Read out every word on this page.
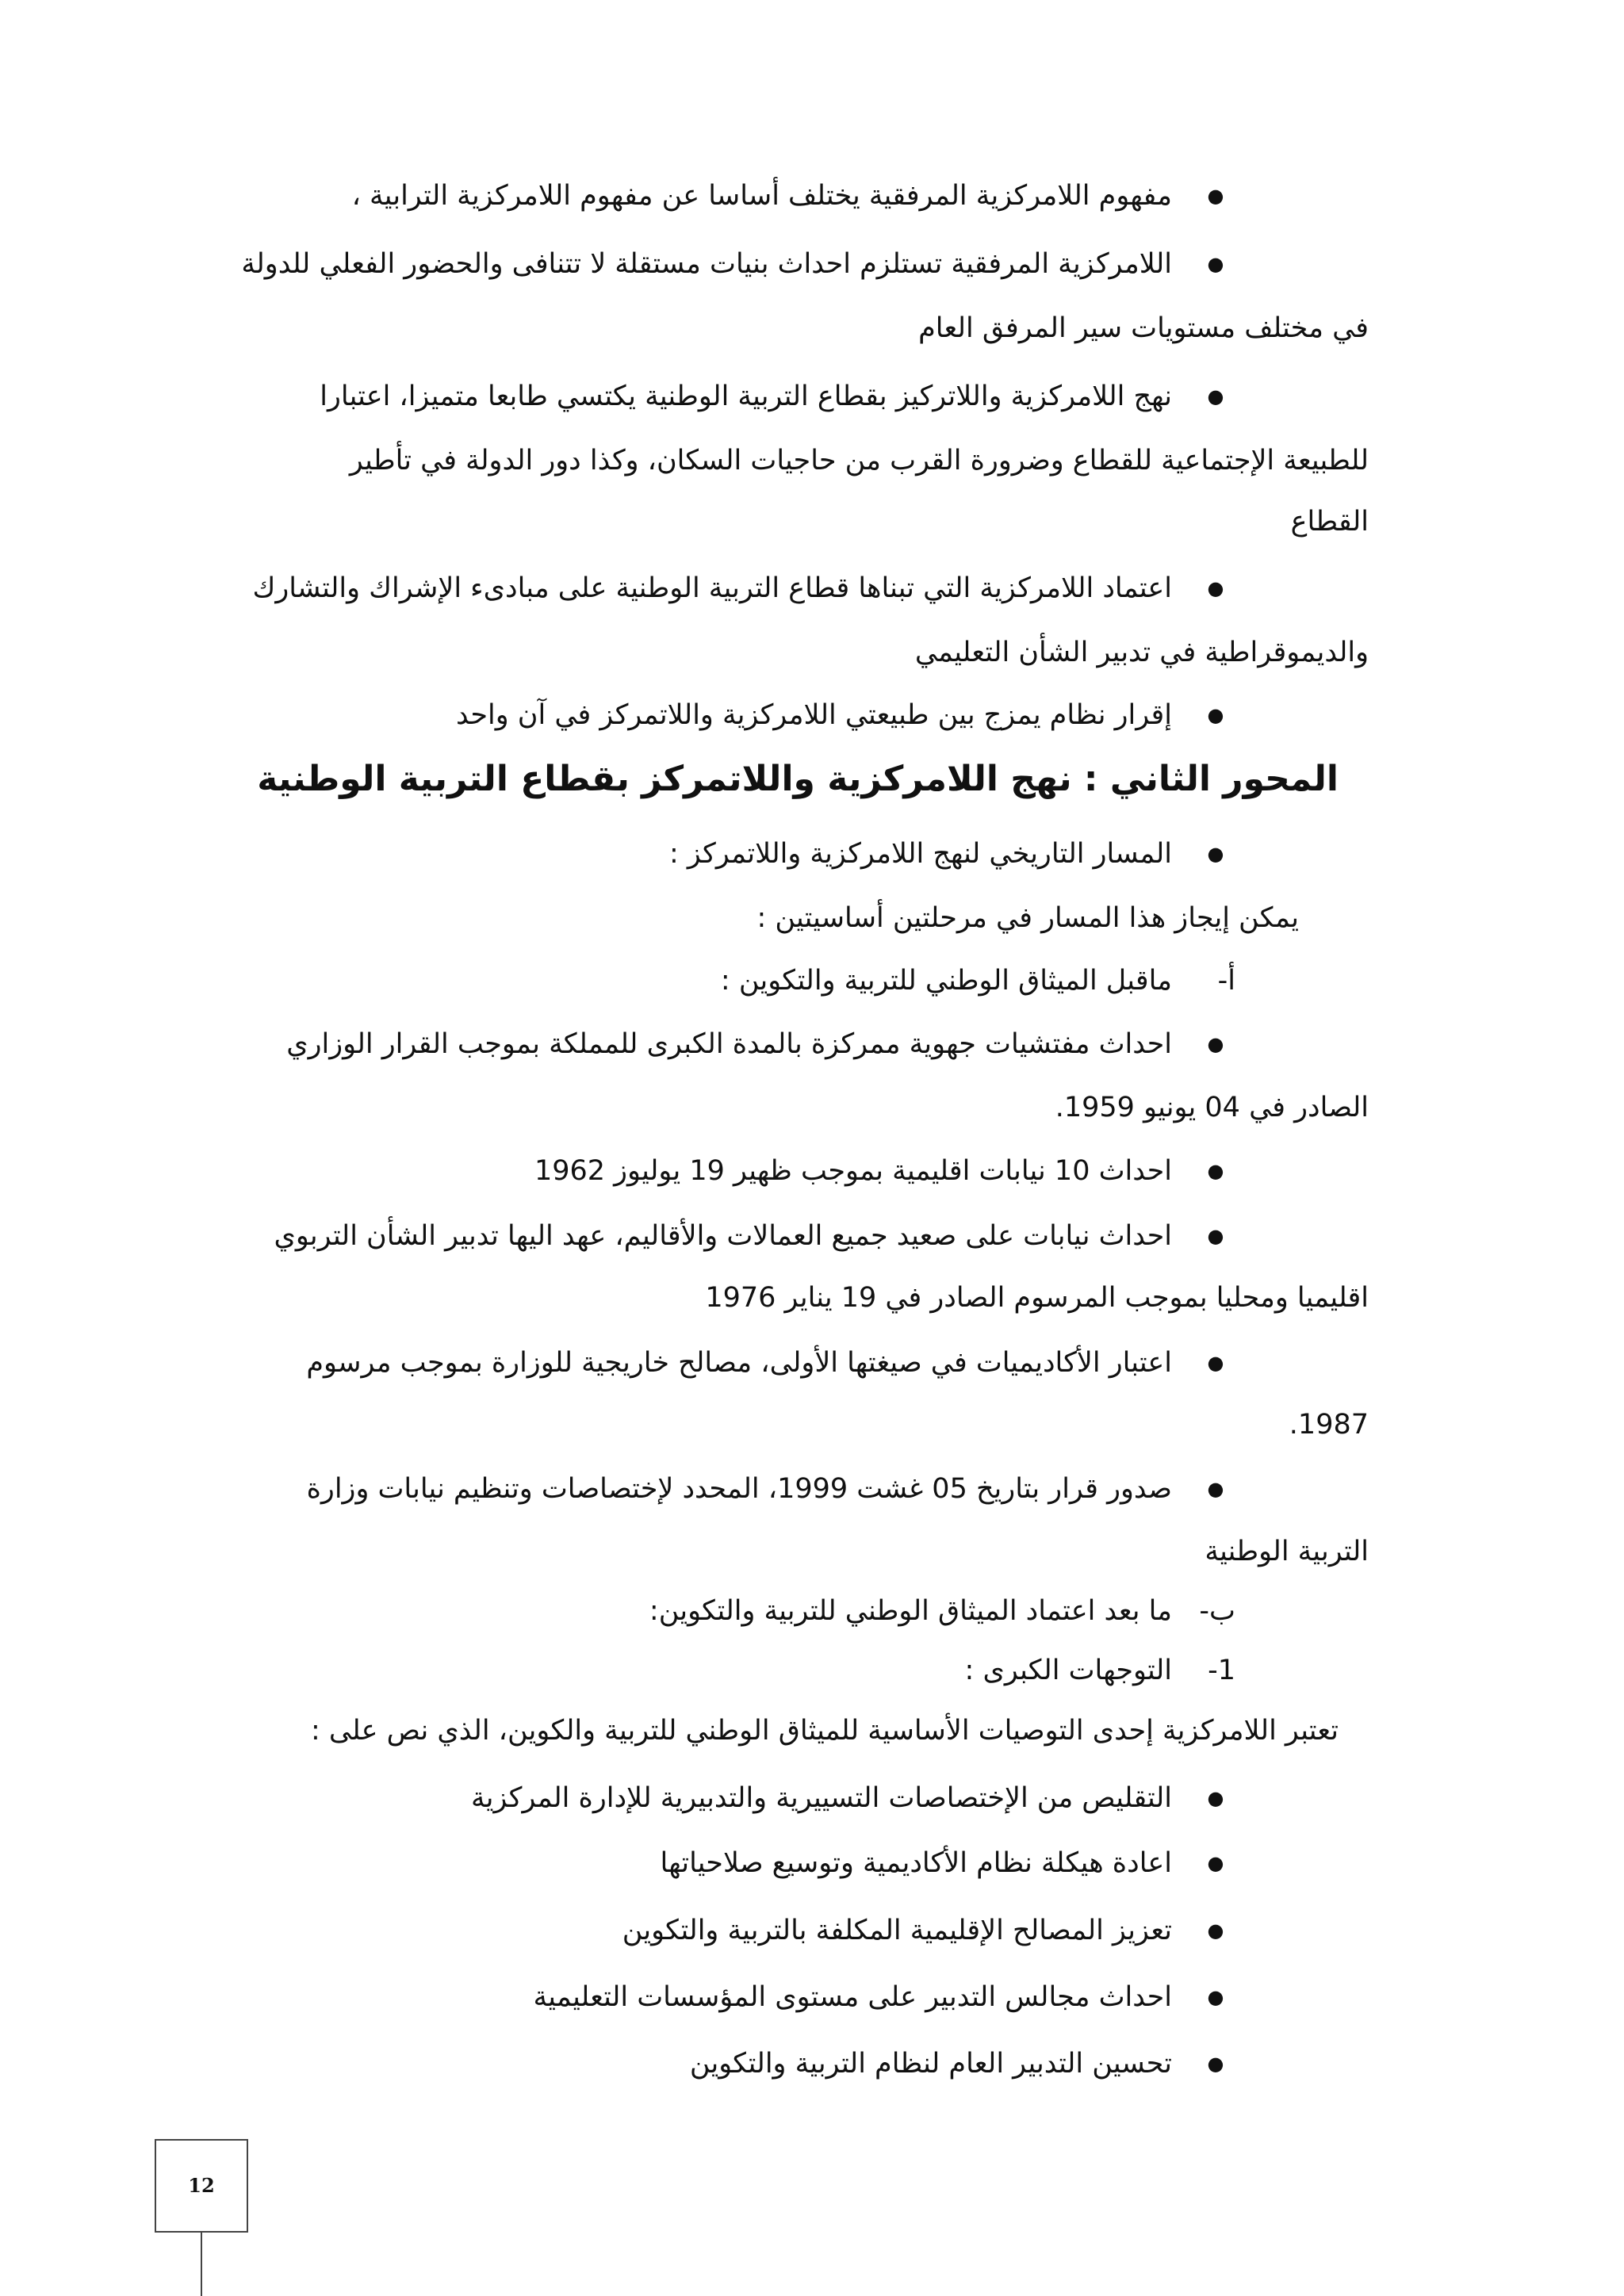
●
مفهوم اللامركزية المرفقية يختلف أساسا عن مفهوم اللامركزية الترابية ،
●
اللامركزية المرفقية تستلزم احداث بنيات مستقلة لا تتنافى والحضور الفعلي للدولة
في مختلف مستويات سير المرفق العام
●
نهج اللامركزية واللاتركيز بقطاع التربية الوطنية يكتسي طابعا متميزا، اعتبارا
للطبيعة الإجتماعية للقطاع وضرورة القرب من حاجيات السكان، وكذا دور الدولة في تأطير
القطاع
●
اعتماد اللامركزية التي تبناها قطاع التربية الوطنية على مبادىء الإشراك والتشارك
والديموقراطية في تدبير الشأن التعليمي
●
إقرار نظام يمزج بين طبيعتي اللامركزية واللاتمركز في آن واحد
المحور الثاني : نهج اللامركزية واللاتمركز بقطاع التربية الوطنية
●
المسار التاريخي لنهج اللامركزية واللاتمركز :
يمكن إيجاز هذا المسار في مرحلتين أساسيتين :
أ-
ماقبل الميثاق الوطني للتربية والتكوين :
●
احداث مفتشيات جهوية ممركزة بالمدة الكبرى للمملكة بموجب القرار الوزاري
الصادر في 04 يونيو 1959.
●
احداث 10 نيابات اقليمية بموجب ظهير 19 يوليوز 1962
●
احداث نيابات على صعيد جميع العمالات والأقاليم، عهد اليها تدبير الشأن التربوي
اقليميا ومحليا بموجب المرسوم الصادر في 19 يناير 1976
●
اعتبار الأكاديميات في صيغتها الأولى، مصالح خاريجية للوزارة بموجب مرسوم
1987.
●
صدور قرار بتاريخ 05 غشت 1999، المحدد لإختصاصات وتنظيم نيابات وزارة
التربية الوطنية
ب-
ما بعد اعتماد الميثاق الوطني للتربية والتكوين:
1-
التوجهات الكبرى :
تعتبر اللامركزية إحدى التوصيات الأساسية للميثاق الوطني للتربية والكوين، الذي نص على :
●
التقليص من الإختصاصات التسييرية والتدبيرية للإدارة المركزية
●
اعادة هيكلة نظام الأكاديمية وتوسيع صلاحياتها
●
تعزيز المصالح الإقليمية المكلفة بالتربية والتكوين
●
احداث مجالس التدبير على مستوى المؤسسات التعليمية
●
تحسين التدبير العام لنظام التربية والتكوين
12
